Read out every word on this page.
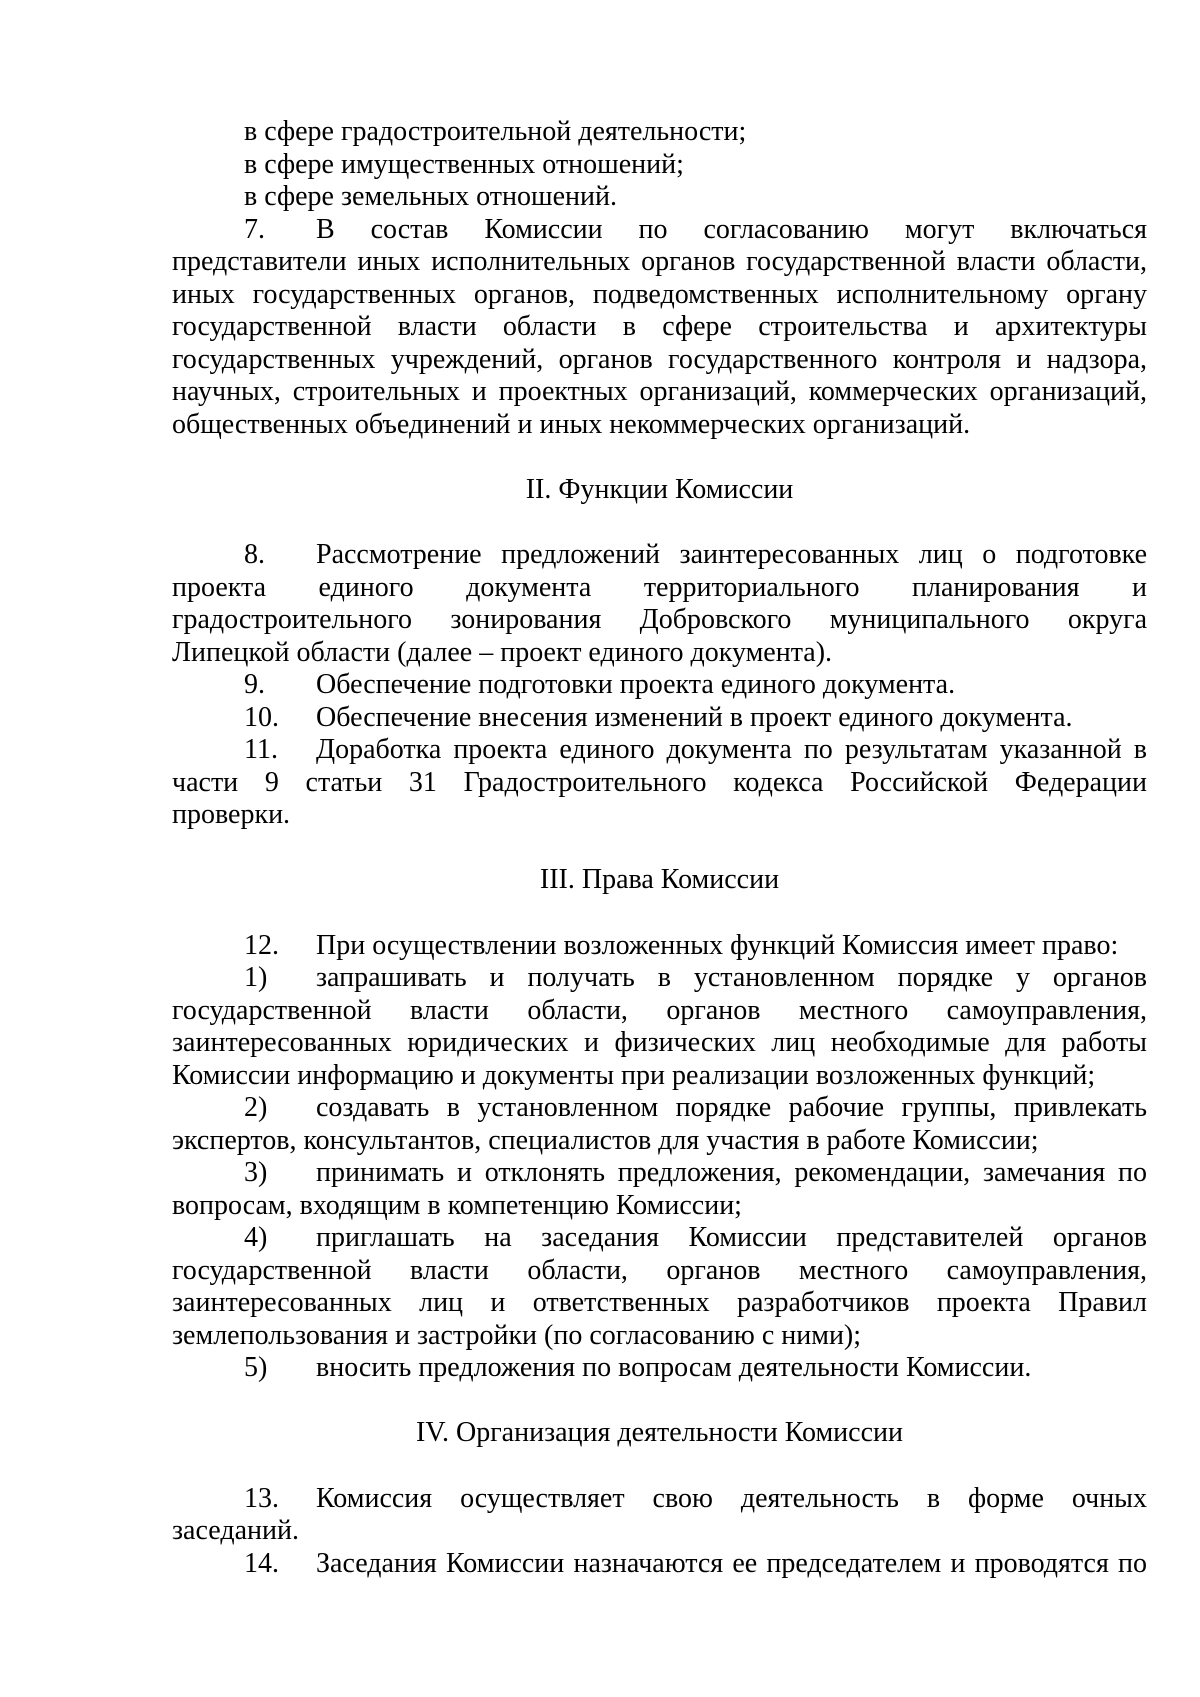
в сфере градостроительной деятельности;
в сфере имущественных отношений;
в сфере земельных отношений.
7.	В состав Комиссии по согласованию могут включаться
представители иных исполнительных органов государственной власти области,
иных государственных органов, подведомственных исполнительному органу
государственной власти области в сфере строительства и архитектуры
государственных учреждений, органов государственного контроля и надзора,
научных, строительных и проектных организаций, коммерческих организаций,
общественных объединений и иных некоммерческих организаций.
II. Функции Комиссии
8.	Рассмотрение предложений заинтересованных лиц о подготовке
проекта единого документа территориального планирования и
градостроительного зонирования Добровского муниципального округа
Липецкой области (далее – проект единого документа).
9.	Обеспечение подготовки проекта единого документа.
10.	Обеспечение внесения изменений в проект единого документа.
11.	Доработка проекта единого документа по результатам указанной в
части 9 статьи 31 Градостроительного кодекса Российской Федерации
проверки.
III. Права Комиссии
12.	При осуществлении возложенных функций Комиссия имеет право:
1)	запрашивать и получать в установленном порядке у органов
государственной власти области, органов местного самоуправления,
заинтересованных юридических и физических лиц необходимые для работы
Комиссии информацию и документы при реализации возложенных функций;
2)	создавать в установленном порядке рабочие группы, привлекать
экспертов, консультантов, специалистов для участия в работе Комиссии;
3)	принимать и отклонять предложения, рекомендации, замечания по
вопросам, входящим в компетенцию Комиссии;
4)	приглашать на заседания Комиссии представителей органов
государственной власти области, органов местного самоуправления,
заинтересованных лиц и ответственных разработчиков проекта Правил
землепользования и застройки (по согласованию с ними);
5)	вносить предложения по вопросам деятельности Комиссии.
IV. Организация деятельности Комиссии
13.	Комиссия осуществляет свою деятельность в форме очных
заседаний.
14.	Заседания Комиссии назначаются ее председателем и проводятся по
